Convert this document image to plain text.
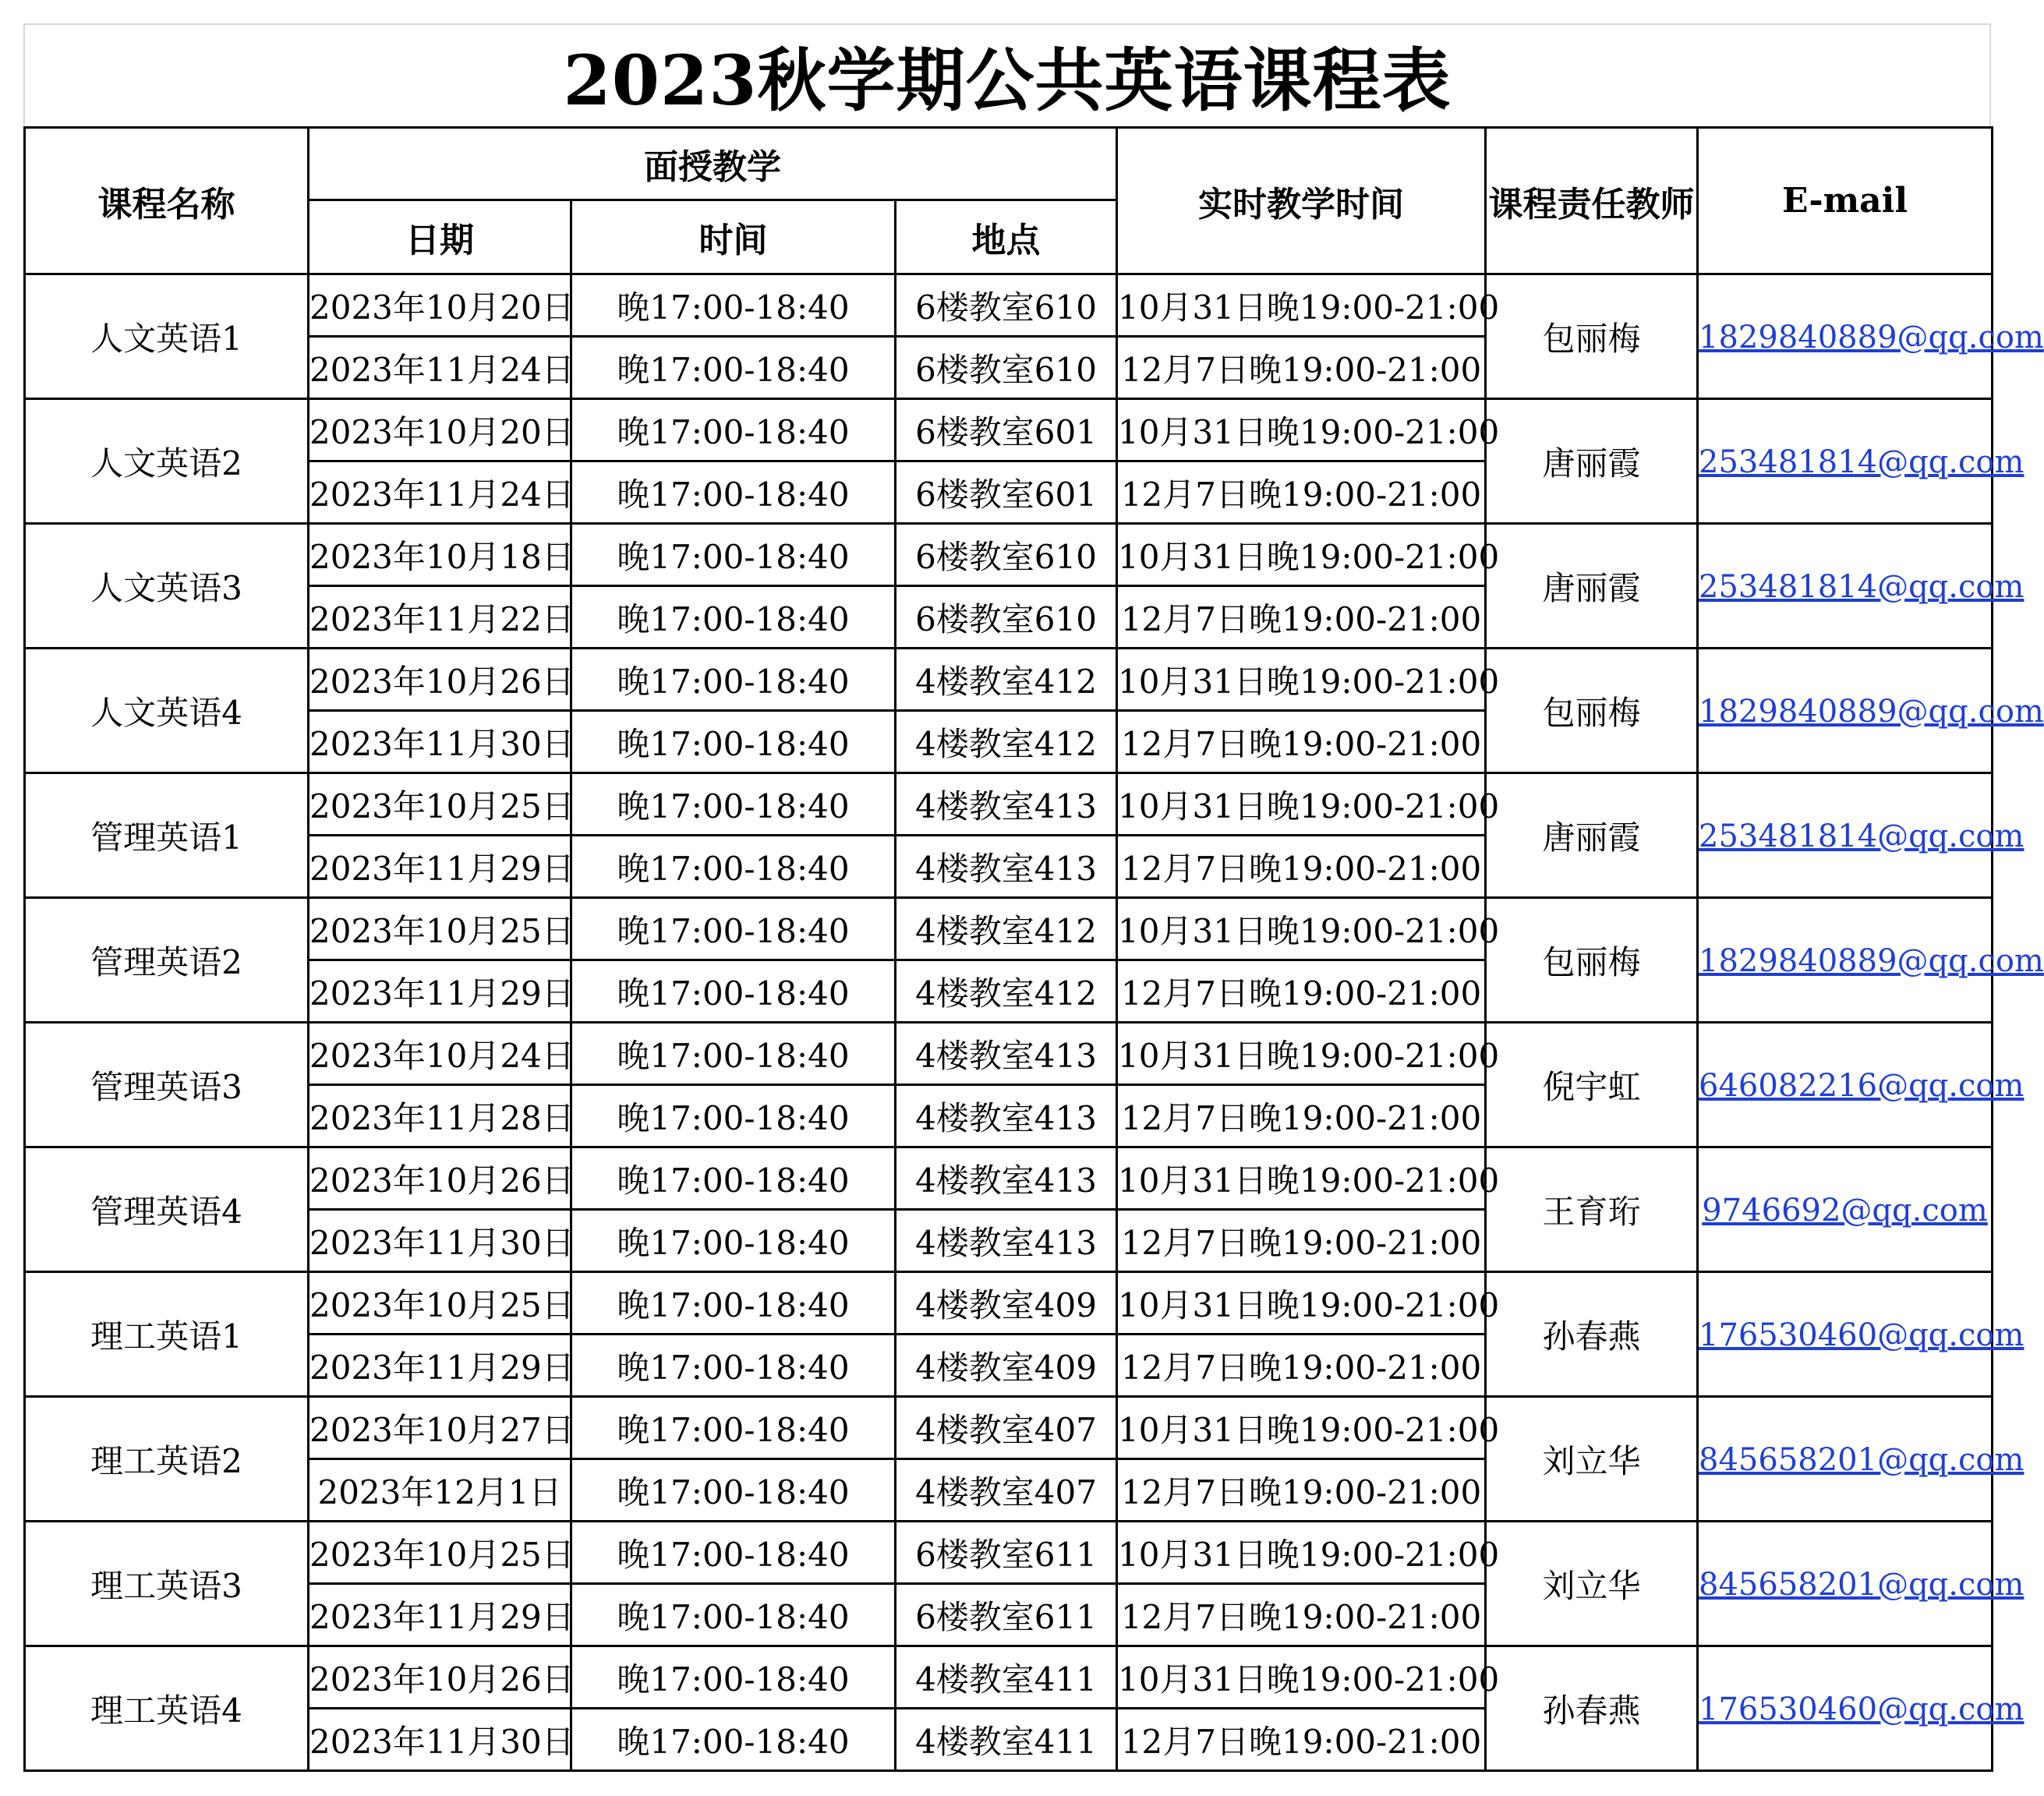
2023秋学期公共英语课程表
课程名称	面授教学			实时教学时间	课程责任教师	E-mail
	日期	时间	地点			
人文英语1	2023年10月20日	晚17:00-18:40	6楼教室610	10月31日晚19:00-21:00	包丽梅	1829840889@qq.com
	2023年11月24日	晚17:00-18:40	6楼教室610	12月7日晚19:00-21:00		
人文英语2	2023年10月20日	晚17:00-18:40	6楼教室601	10月31日晚19:00-21:00	唐丽霞	253481814@qq.com
	2023年11月24日	晚17:00-18:40	6楼教室601	12月7日晚19:00-21:00		
人文英语3	2023年10月18日	晚17:00-18:40	6楼教室610	10月31日晚19:00-21:00	唐丽霞	253481814@qq.com
	2023年11月22日	晚17:00-18:40	6楼教室610	12月7日晚19:00-21:00		
人文英语4	2023年10月26日	晚17:00-18:40	4楼教室412	10月31日晚19:00-21:00	包丽梅	1829840889@qq.com
	2023年11月30日	晚17:00-18:40	4楼教室412	12月7日晚19:00-21:00		
管理英语1	2023年10月25日	晚17:00-18:40	4楼教室413	10月31日晚19:00-21:00	唐丽霞	253481814@qq.com
	2023年11月29日	晚17:00-18:40	4楼教室413	12月7日晚19:00-21:00		
管理英语2	2023年10月25日	晚17:00-18:40	4楼教室412	10月31日晚19:00-21:00	包丽梅	1829840889@qq.com
	2023年11月29日	晚17:00-18:40	4楼教室412	12月7日晚19:00-21:00		
管理英语3	2023年10月24日	晚17:00-18:40	4楼教室413	10月31日晚19:00-21:00	倪宇虹	646082216@qq.com
	2023年11月28日	晚17:00-18:40	4楼教室413	12月7日晚19:00-21:00		
管理英语4	2023年10月26日	晚17:00-18:40	4楼教室413	10月31日晚19:00-21:00	王育珩	9746692@qq.com
	2023年11月30日	晚17:00-18:40	4楼教室413	12月7日晚19:00-21:00		
理工英语1	2023年10月25日	晚17:00-18:40	4楼教室409	10月31日晚19:00-21:00	孙春燕	176530460@qq.com
	2023年11月29日	晚17:00-18:40	4楼教室409	12月7日晚19:00-21:00		
理工英语2	2023年10月27日	晚17:00-18:40	4楼教室407	10月31日晚19:00-21:00	刘立华	845658201@qq.com
	2023年12月1日	晚17:00-18:40	4楼教室407	12月7日晚19:00-21:00		
理工英语3	2023年10月25日	晚17:00-18:40	6楼教室611	10月31日晚19:00-21:00	刘立华	845658201@qq.com
	2023年11月29日	晚17:00-18:40	6楼教室611	12月7日晚19:00-21:00		
理工英语4	2023年10月26日	晚17:00-18:40	4楼教室411	10月31日晚19:00-21:00	孙春燕	176530460@qq.com
	2023年11月30日	晚17:00-18:40	4楼教室411	12月7日晚19:00-21:00		
